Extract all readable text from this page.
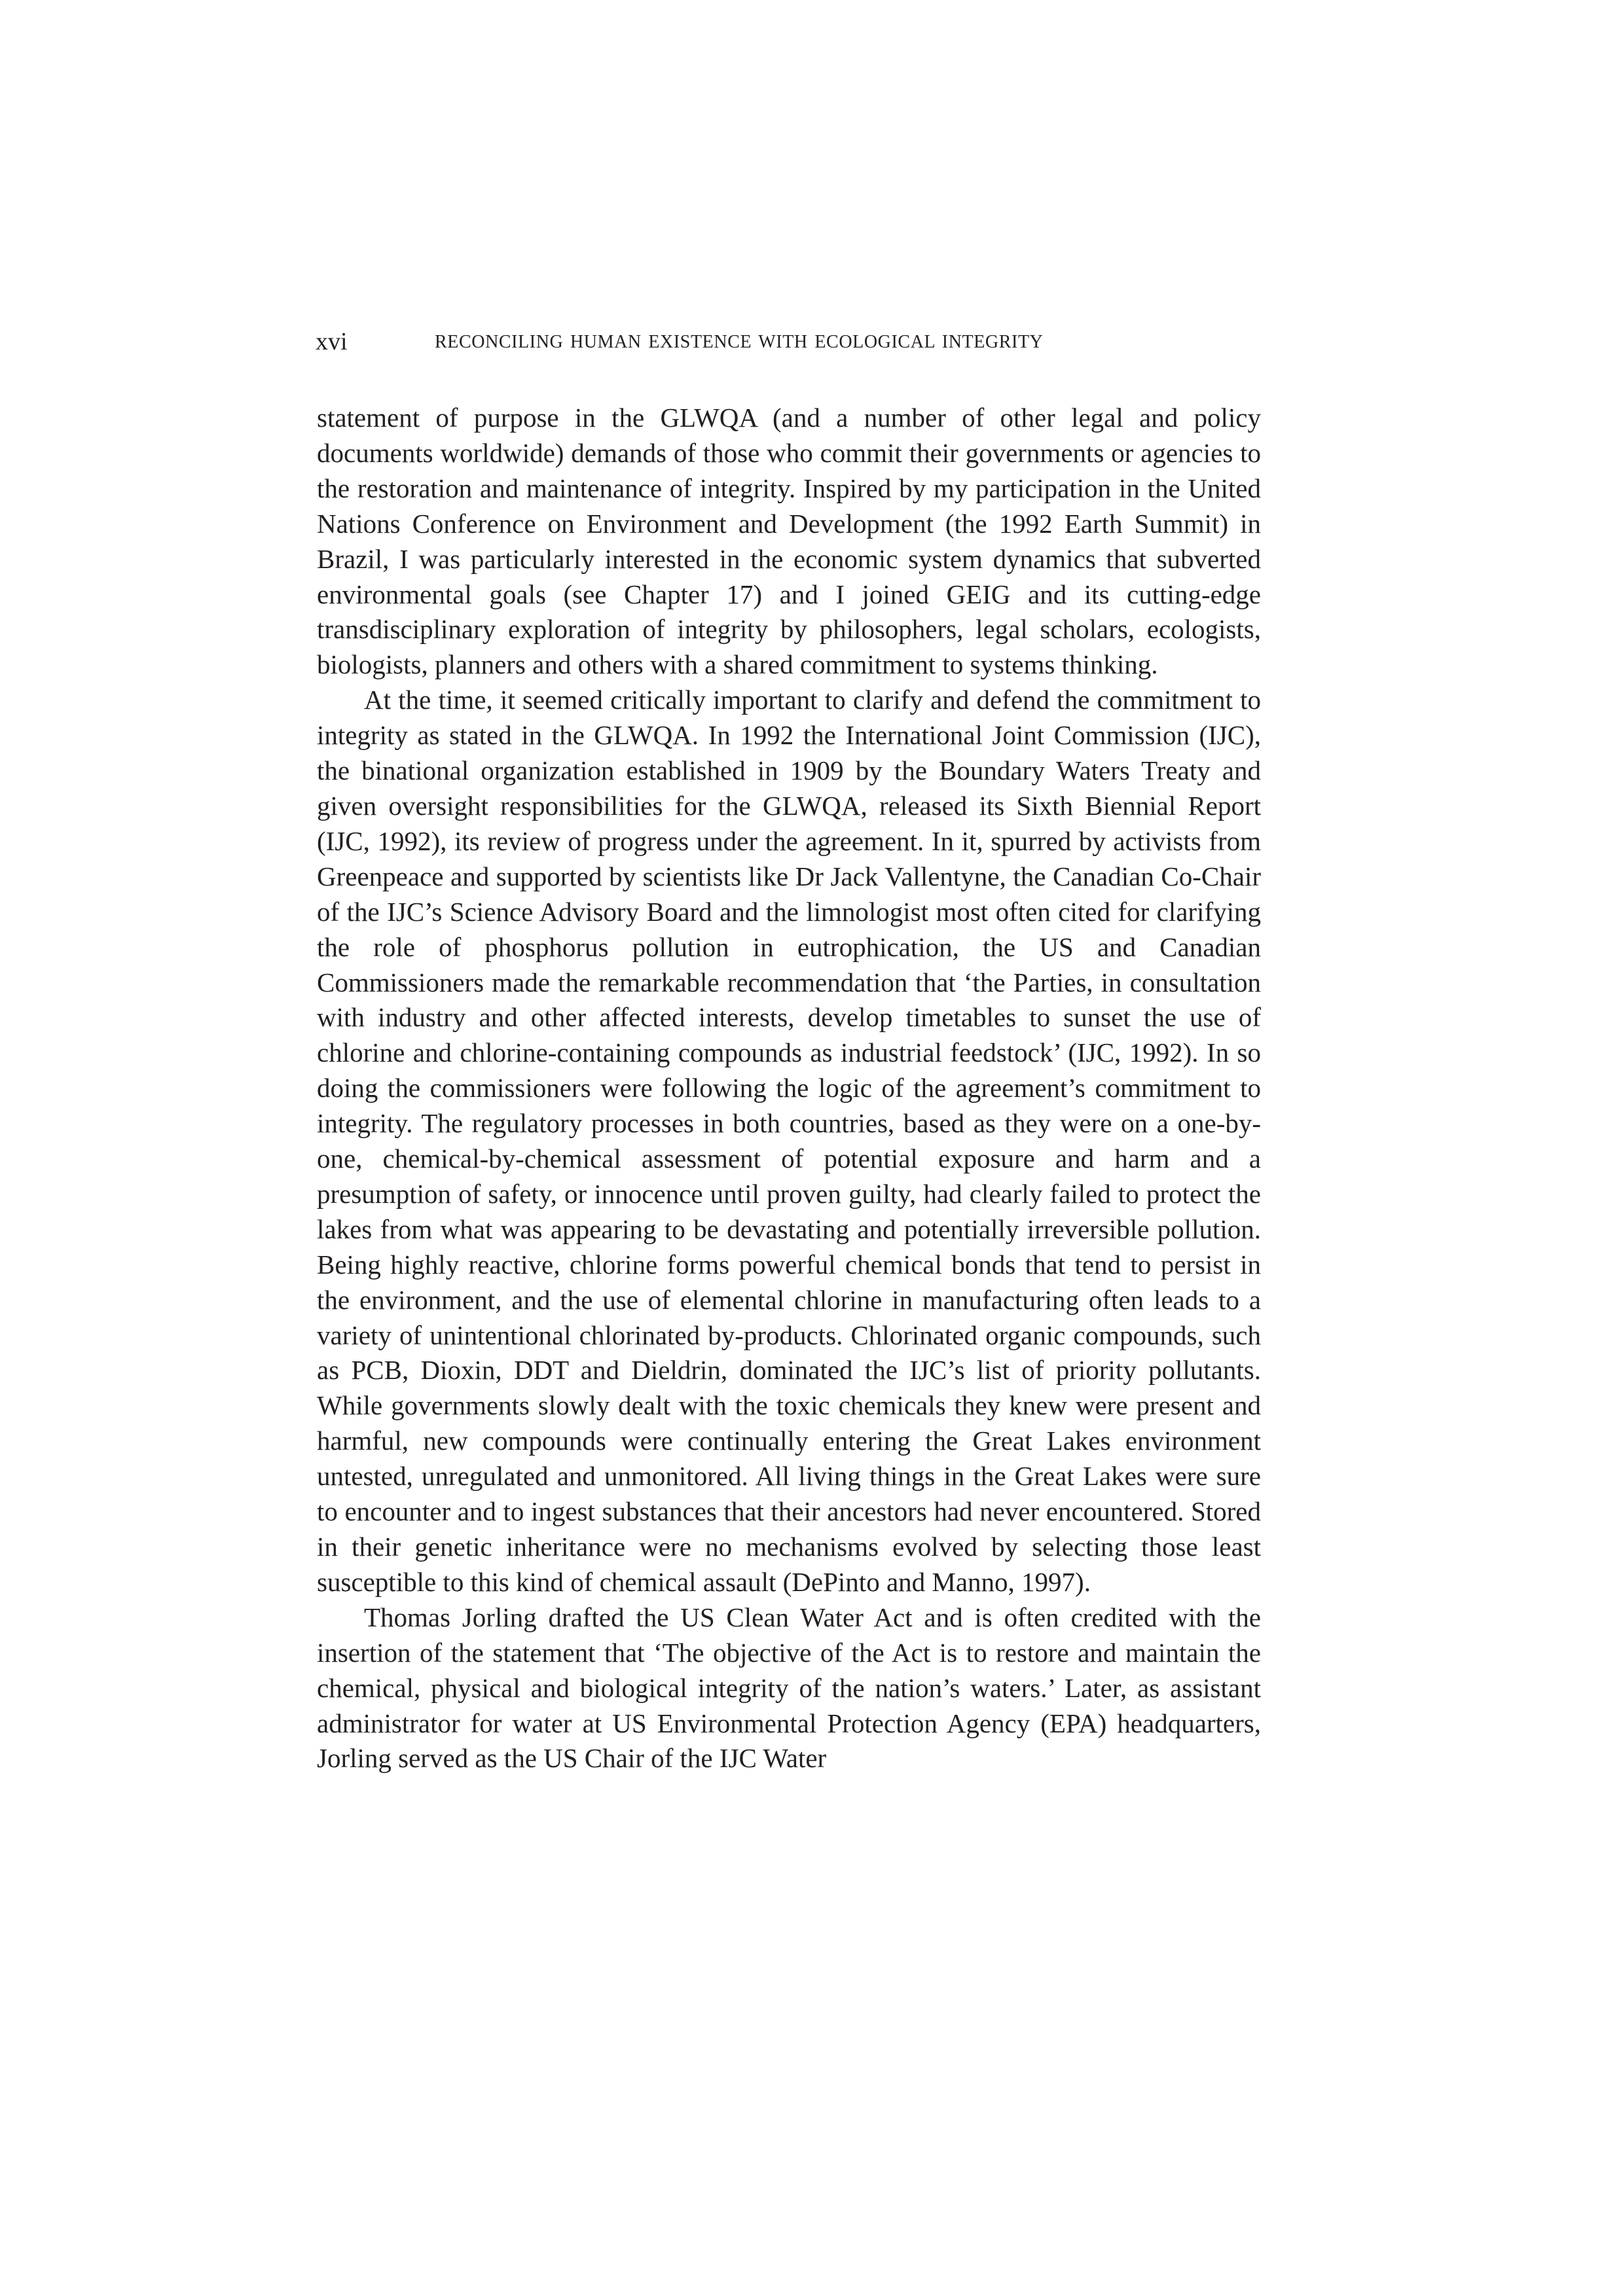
xvi	RECONCILING HUMAN EXISTENCE WITH ECOLOGICAL INTEGRITY

statement of purpose in the GLWQA (and a number of other legal and policy documents worldwide) demands of those who commit their governments or agencies to the restoration and maintenance of integrity. Inspired by my participation in the United Nations Conference on Environment and Development (the 1992 Earth Summit) in Brazil, I was particularly interested in the economic system dynamics that subverted environmental goals (see Chapter 17) and I joined GEIG and its cutting-edge transdisciplinary exploration of integrity by philosophers, legal scholars, ecologists, biologists, planners and others with a shared commitment to systems thinking.

At the time, it seemed critically important to clarify and defend the commitment to integrity as stated in the GLWQA. In 1992 the International Joint Commission (IJC), the binational organization established in 1909 by the Boundary Waters Treaty and given oversight responsibilities for the GLWQA, released its Sixth Biennial Report (IJC, 1992), its review of progress under the agreement. In it, spurred by activists from Greenpeace and supported by scientists like Dr Jack Vallentyne, the Canadian Co-Chair of the IJC’s Science Advisory Board and the limnologist most often cited for clarifying the role of phosphorus pollution in eutrophication, the US and Canadian Commissioners made the remarkable recommendation that ‘the Parties, in consultation with industry and other affected interests, develop timetables to sunset the use of chlorine and chlorine-containing compounds as industrial feedstock’ (IJC, 1992). In so doing the commissioners were following the logic of the agreement’s commitment to integrity. The regulatory processes in both countries, based as they were on a one-by-one, chemical-by-chemical assessment of potential exposure and harm and a presumption of safety, or innocence until proven guilty, had clearly failed to protect the lakes from what was appearing to be devastating and potentially irreversible pollution. Being highly reactive, chlorine forms powerful chemical bonds that tend to persist in the environment, and the use of elemental chlorine in manufacturing often leads to a variety of unintentional chlorinated by-products. Chlorinated organic compounds, such as PCB, Dioxin, DDT and Dieldrin, dominated the IJC’s list of priority pollutants. While governments slowly dealt with the toxic chemicals they knew were present and harmful, new compounds were continually entering the Great Lakes environment untested, unregulated and unmonitored. All living things in the Great Lakes were sure to encounter and to ingest substances that their ancestors had never encountered. Stored in their genetic inheritance were no mechanisms evolved by selecting those least susceptible to this kind of chemical assault (DePinto and Manno, 1997).

Thomas Jorling drafted the US Clean Water Act and is often credited with the insertion of the statement that ‘The objective of the Act is to restore and maintain the chemical, physical and biological integrity of the nation’s waters.’ Later, as assistant administrator for water at US Environmental Protection Agency (EPA) headquarters, Jorling served as the US Chair of the IJC Water
